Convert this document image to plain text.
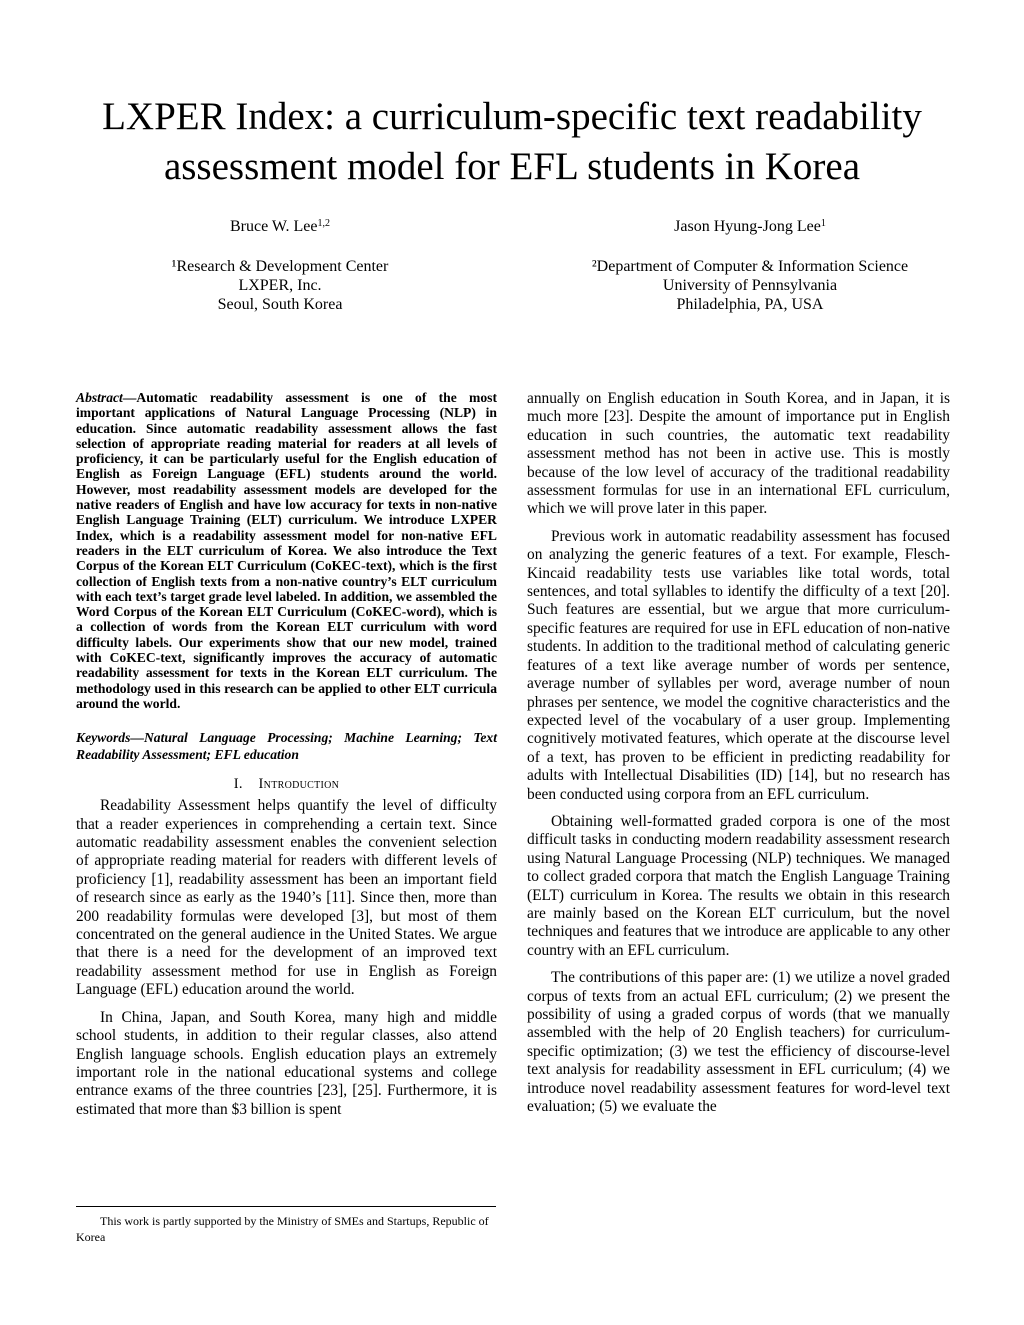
LXPER Index: a curriculum-specific text readability
assessment model for EFL students in Korea
Bruce W. Lee$^{1,2}$
¹Research & Development Center
LXPER, Inc.
Seoul, South Korea
Jason Hyung-Jong Lee$^1$
²Department of Computer & Information Science
University of Pennsylvania
Philadelphia, PA, USA

Abstract—Automatic readability assessment is one of the most important applications of Natural Language Processing (NLP) in education. Since automatic readability assessment allows the fast selection of appropriate reading material for readers at all levels of proficiency, it can be particularly useful for the English education of English as Foreign Language (EFL) students around the world. However, most readability assessment models are developed for the native readers of English and have low accuracy for texts in non-native English Language Training (ELT) curriculum. We introduce LXPER Index, which is a readability assessment model for non-native EFL readers in the ELT curriculum of Korea. We also introduce the Text Corpus of the Korean ELT Curriculum (CoKEC-text), which is the first collection of English texts from a non-native country’s ELT curriculum with each text’s target grade level labeled. In addition, we assembled the Word Corpus of the Korean ELT Curriculum (CoKEC-word), which is a collection of words from the Korean ELT curriculum with word difficulty labels. Our experiments show that our new model, trained with CoKEC-text, significantly improves the accuracy of automatic readability assessment for texts in the Korean ELT curriculum. The methodology used in this research can be applied to other ELT curricula around the world.

Keywords—Natural Language Processing; Machine Learning; Text Readability Assessment; EFL education

I. Introduction

Readability Assessment helps quantify the level of difficulty that a reader experiences in comprehending a certain text. Since automatic readability assessment enables the convenient selection of appropriate reading material for readers with different levels of proficiency [1], readability assessment has been an important field of research since as early as the 1940’s [11]. Since then, more than 200 readability formulas were developed [3], but most of them concentrated on the general audience in the United States. We argue that there is a need for the development of an improved text readability assessment method for use in English as Foreign Language (EFL) education around the world.

In China, Japan, and South Korea, many high and middle school students, in addition to their regular classes, also attend English language schools. English education plays an extremely important role in the national educational systems and college entrance exams of the three countries [23], [25]. Furthermore, it is estimated that more than $3 billion is spent

annually on English education in South Korea, and in Japan, it is much more [23]. Despite the amount of importance put in English education in such countries, the automatic text readability assessment method has not been in active use. This is mostly because of the low level of accuracy of the traditional readability assessment formulas for use in an international EFL curriculum, which we will prove later in this paper.

Previous work in automatic readability assessment has focused on analyzing the generic features of a text. For example, Flesch-Kincaid readability tests use variables like total words, total sentences, and total syllables to identify the difficulty of a text [20]. Such features are essential, but we argue that more curriculum-specific features are required for use in EFL education of non-native students. In addition to the traditional method of calculating generic features of a text like average number of words per sentence, average number of syllables per word, average number of noun phrases per sentence, we model the cognitive characteristics and the expected level of the vocabulary of a user group. Implementing cognitively motivated features, which operate at the discourse level of a text, has proven to be efficient in predicting readability for adults with Intellectual Disabilities (ID) [14], but no research has been conducted using corpora from an EFL curriculum.

Obtaining well-formatted graded corpora is one of the most difficult tasks in conducting modern readability assessment research using Natural Language Processing (NLP) techniques. We managed to collect graded corpora that match the English Language Training (ELT) curriculum in Korea. The results we obtain in this research are mainly based on the Korean ELT curriculum, but the novel techniques and features that we introduce are applicable to any other country with an EFL curriculum.

The contributions of this paper are: (1) we utilize a novel graded corpus of texts from an actual EFL curriculum; (2) we present the possibility of using a graded corpus of words (that we manually assembled with the help of 20 English teachers) for curriculum-specific optimization; (3) we test the efficiency of discourse-level text analysis for readability assessment in EFL curriculum; (4) we introduce novel readability assessment features for word-level text evaluation; (5) we evaluate the

This work is partly supported by the Ministry of SMEs and Startups, Republic of Korea
